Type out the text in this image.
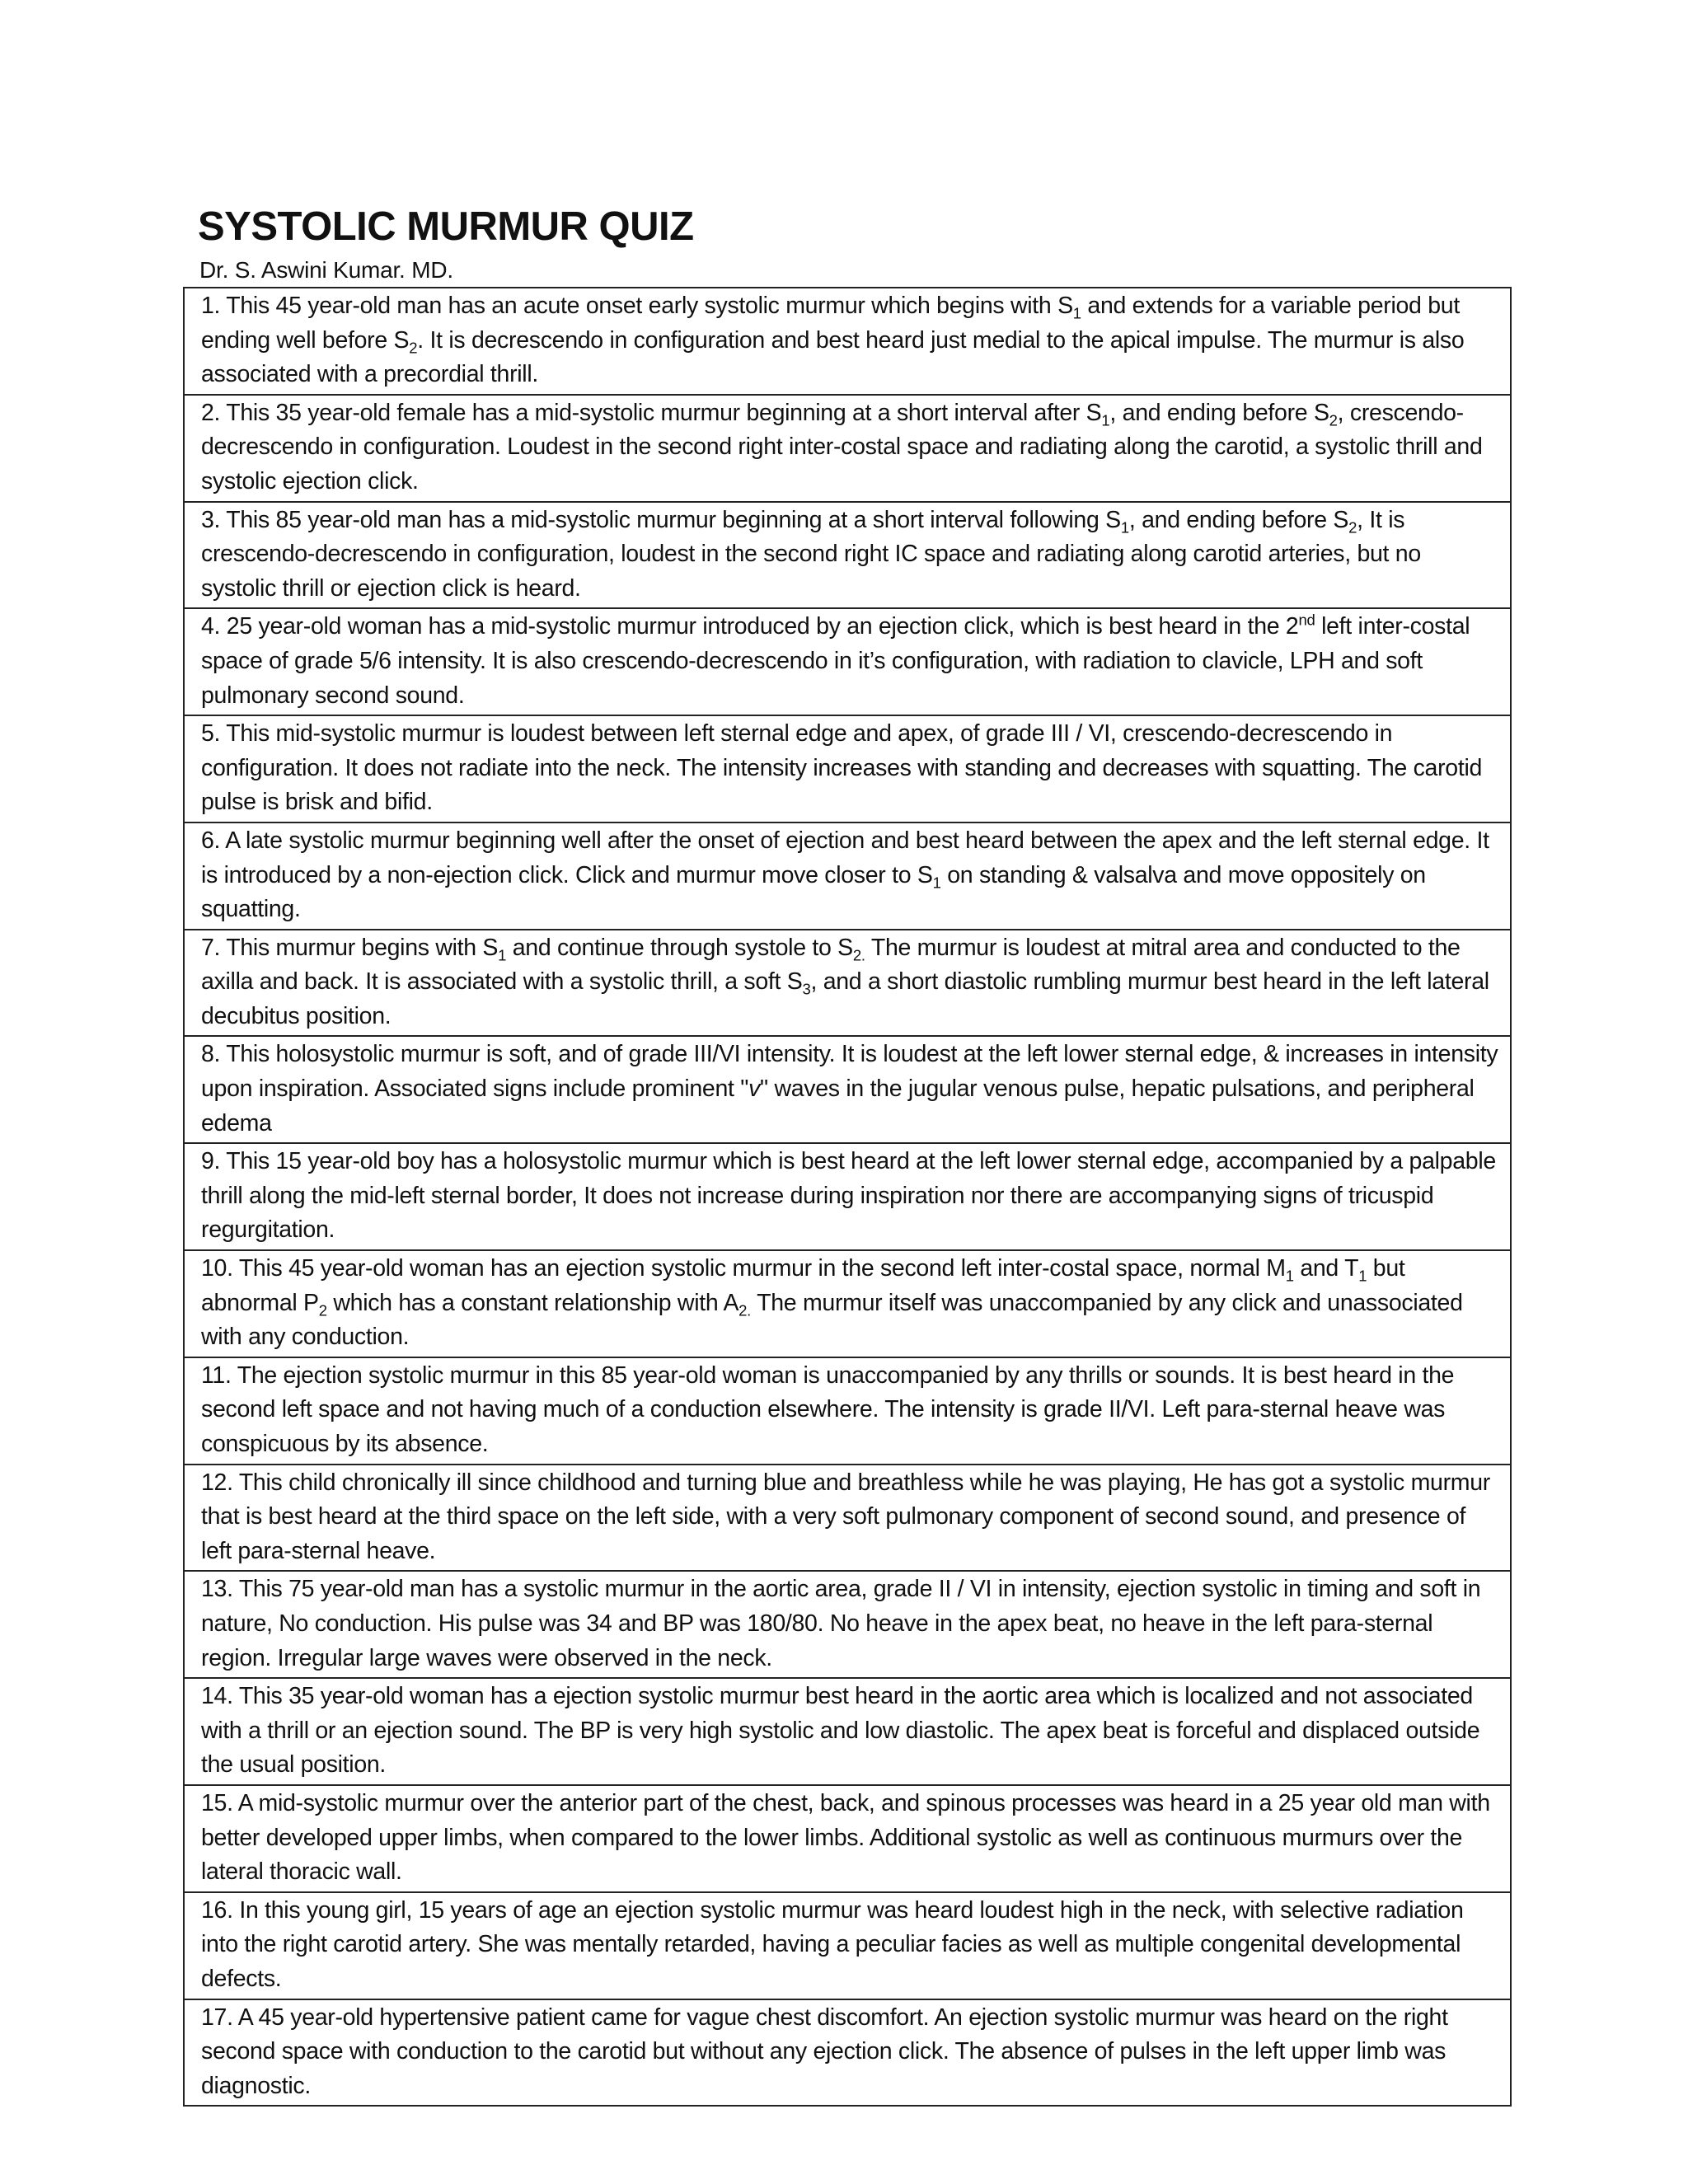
SYSTOLIC MURMUR QUIZ
Dr. S. Aswini Kumar. MD.
1. This 45 year-old man has an acute onset early systolic murmur which begins with $S_1$ and extends for a variable period but ending well before $S_2$. It is decrescendo in configuration and best heard just medial to the apical impulse. The murmur is also associated with a precordial thrill.
2. This 35 year-old female has a mid-systolic murmur beginning at a short interval after $S_1$, and ending before $S_2$, crescendo-decrescendo in configuration. Loudest in the second right inter-costal space and radiating along the carotid, a systolic thrill and systolic ejection click.
3. This 85 year-old man has a mid-systolic murmur beginning at a short interval following $S_1$, and ending before $S_2$, It is crescendo-decrescendo in configuration, loudest in the second right IC space and radiating along carotid arteries, but no systolic thrill or ejection click is heard.
4. 25 year-old woman has a mid-systolic murmur introduced by an ejection click, which is best heard in the 2nd left inter-costal space of grade 5/6 intensity. It is also crescendo-decrescendo in it’s configuration, with radiation to clavicle, LPH and soft pulmonary second sound.
5. This mid-systolic murmur is loudest between left sternal edge and apex, of grade III / VI, crescendo-decrescendo in configuration. It does not radiate into the neck. The intensity increases with standing and decreases with squatting. The carotid pulse is brisk and bifid.
6. A late systolic murmur beginning well after the onset of ejection and best heard between the apex and the left sternal edge. It is introduced by a non-ejection click. Click and murmur move closer to $S_1$ on standing & valsalva and move oppositely on squatting.
7. This murmur begins with $S_1$ and continue through systole to $S_{2.}$ The murmur is loudest at mitral area and conducted to the axilla and back. It is associated with a systolic thrill, a soft $S_3$, and a short diastolic rumbling murmur best heard in the left lateral decubitus position.
8. This holosystolic murmur is soft, and of grade III/VI intensity. It is loudest at the left lower sternal edge, & increases in intensity upon inspiration. Associated signs include prominent "v" waves in the jugular venous pulse, hepatic pulsations, and peripheral edema
9. This 15 year-old boy has a holosystolic murmur which is best heard at the left lower sternal edge, accompanied by a palpable thrill along the mid-left sternal border, It does not increase during inspiration nor there are accompanying signs of tricuspid regurgitation.
10. This 45 year-old woman has an ejection systolic murmur in the second left inter-costal space, normal $M_1$ and $T_1$ but abnormal $P_2$ which has a constant relationship with $A_{2.}$ The murmur itself was unaccompanied by any click and unassociated with any conduction.
11. The ejection systolic murmur in this 85 year-old woman is unaccompanied by any thrills or sounds. It is best heard in the second left space and not having much of a conduction elsewhere. The intensity is grade II/VI. Left para-sternal heave was conspicuous by its absence.
12. This child chronically ill since childhood and turning blue and breathless while he was playing, He has got a systolic murmur that is best heard at the third space on the left side, with a very soft pulmonary component of second sound, and presence of left para-sternal heave.
13. This 75 year-old man has a systolic murmur in the aortic area, grade II / VI in intensity, ejection systolic in timing and soft in nature, No conduction. His pulse was 34 and BP was 180/80. No heave in the apex beat, no heave in the left para-sternal region. Irregular large waves were observed in the neck.
14. This 35 year-old woman has a ejection systolic murmur best heard in the aortic area which is localized and not associated with a thrill or an ejection sound. The BP is very high systolic and low diastolic. The apex beat is forceful and displaced outside the usual position.
15. A mid-systolic murmur over the anterior part of the chest, back, and spinous processes was heard in a 25 year old man with better developed upper limbs, when compared to the lower limbs. Additional systolic as well as continuous murmurs over the lateral thoracic wall.
16. In this young girl, 15 years of age an ejection systolic murmur was heard loudest high in the neck, with selective radiation into the right carotid artery. She was mentally retarded, having a peculiar facies as well as multiple congenital developmental defects.
17. A 45 year-old hypertensive patient came for vague chest discomfort. An ejection systolic murmur was heard on the right second space with conduction to the carotid but without any ejection click. The absence of pulses in the left upper limb was diagnostic.
